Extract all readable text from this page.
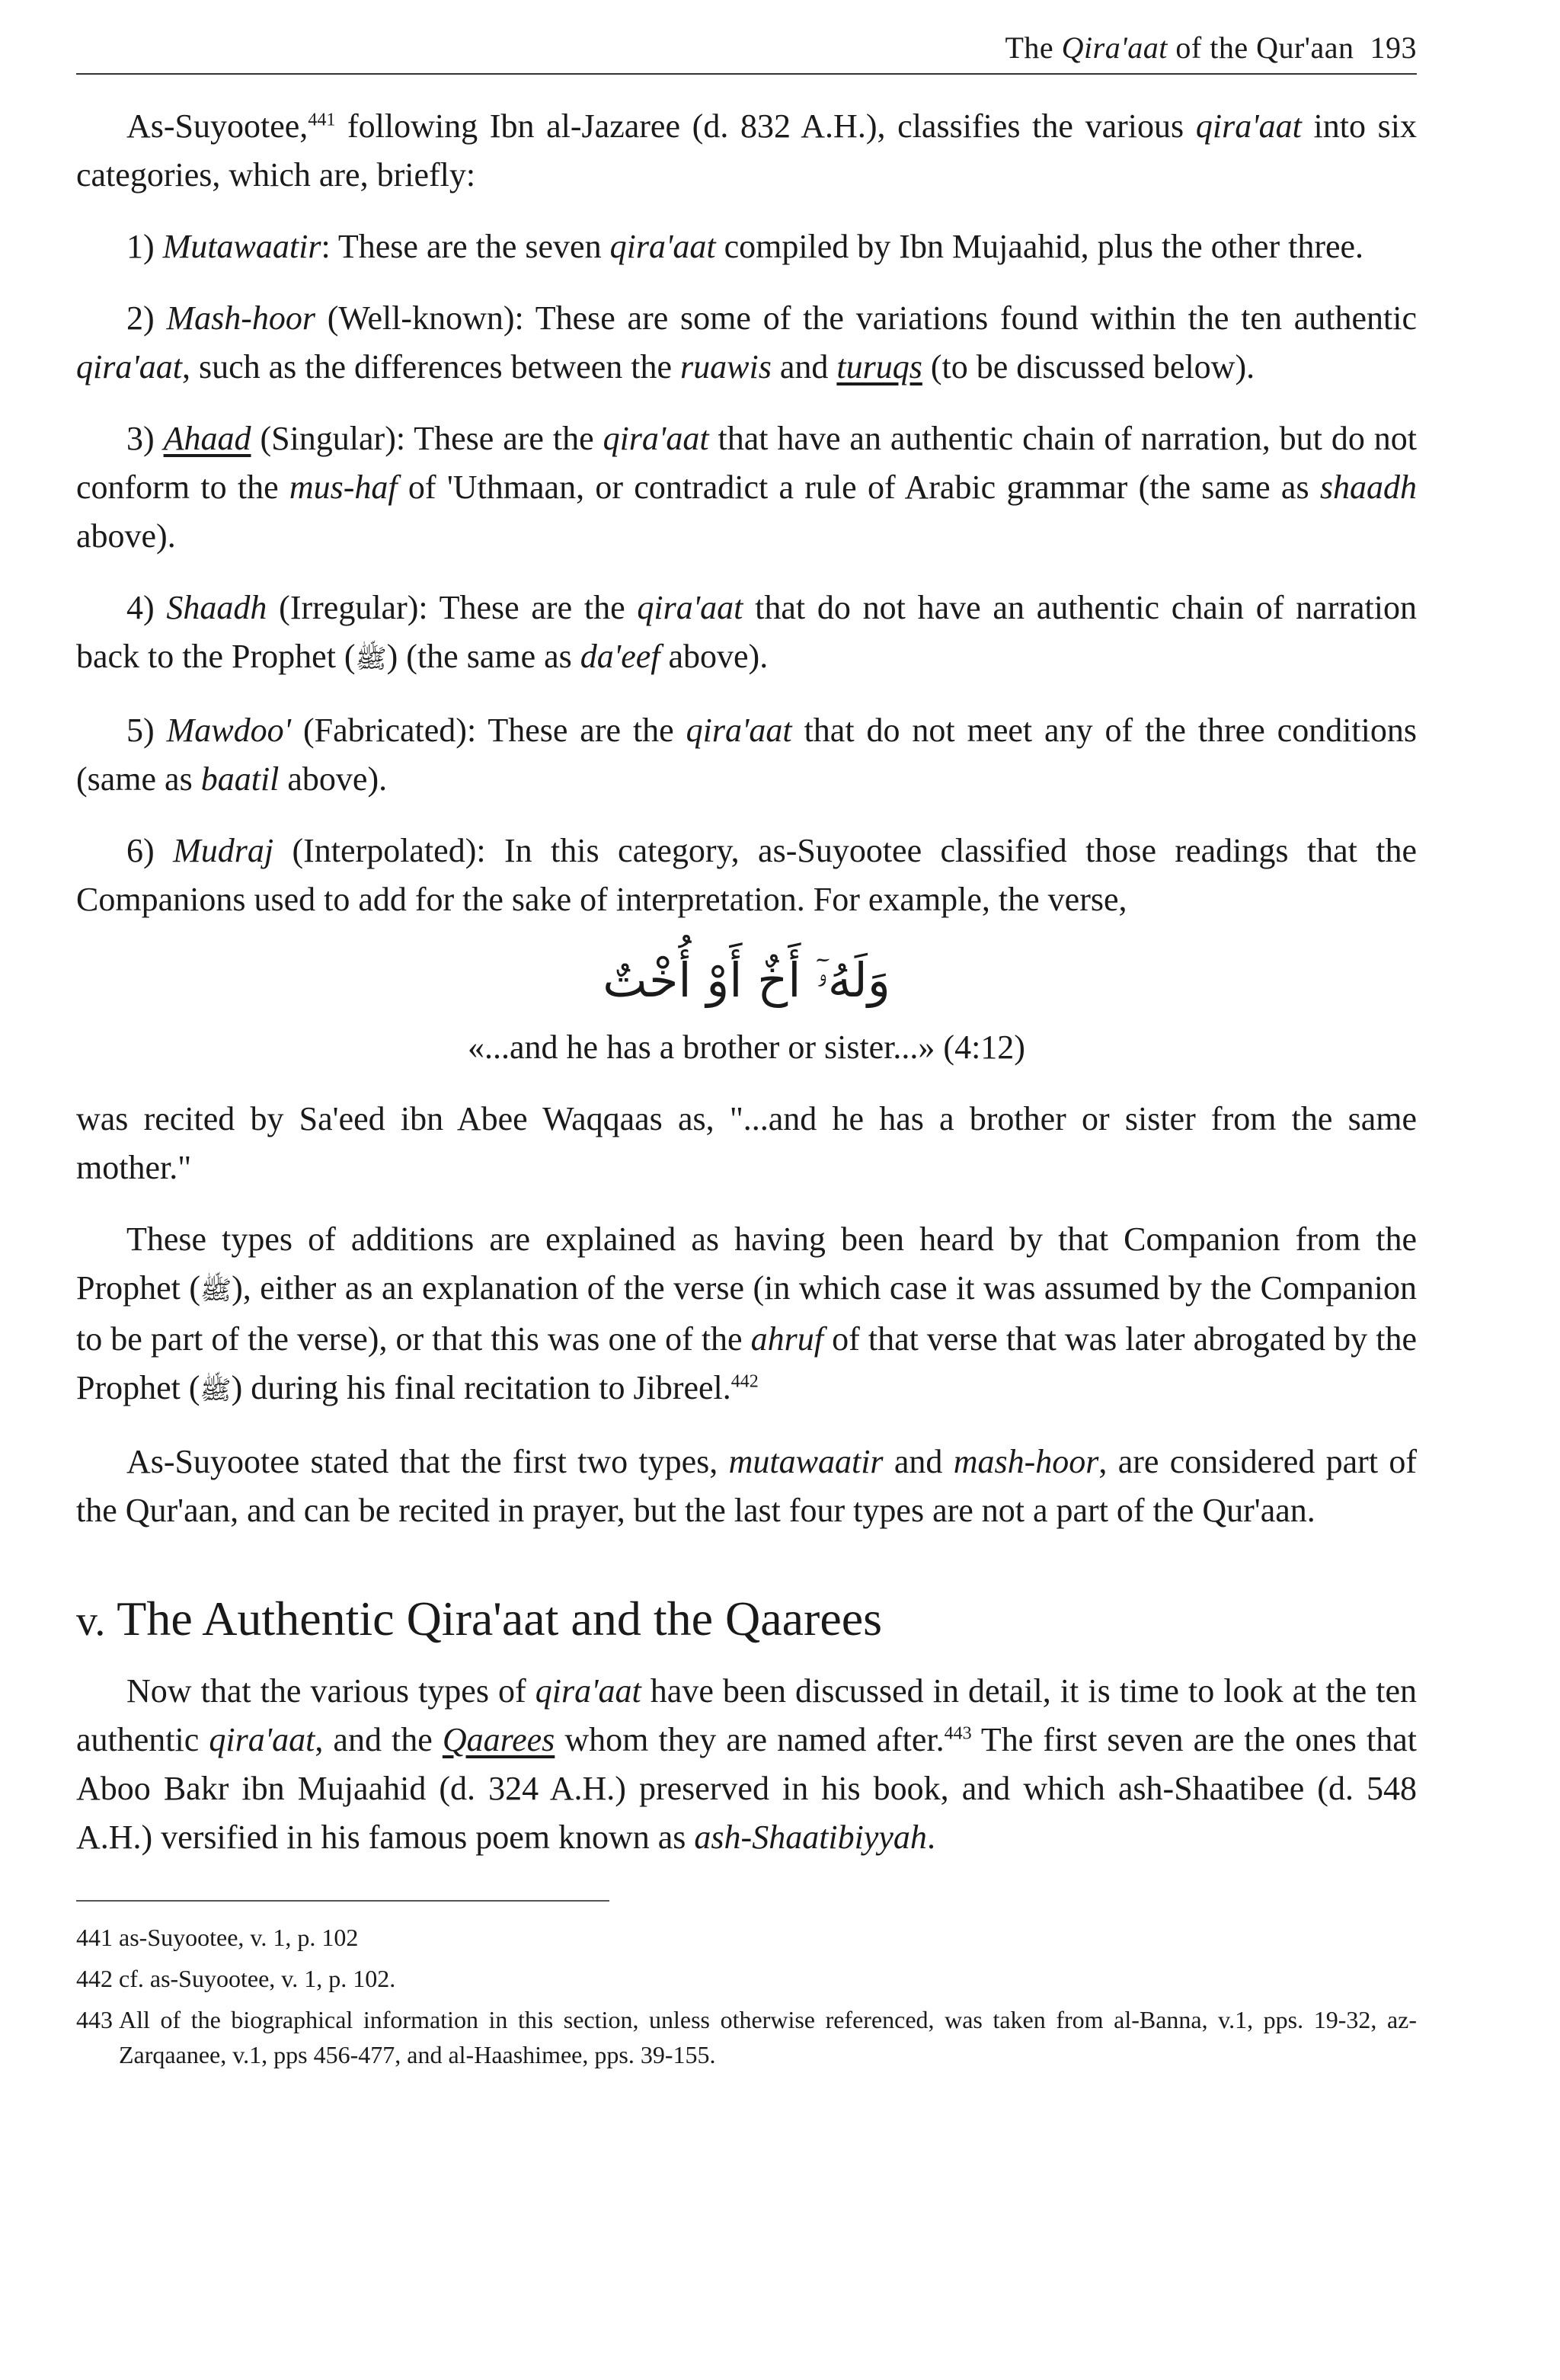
The Qira'aat of the Qur'aan 193

As-Suyootee,$^{441}$ following Ibn al-Jazaree (d. 832 A.H.), classifies the various qira'aat into six categories, which are, briefly:

1) Mutawaatir: These are the seven qira'aat compiled by Ibn Mujaahid, plus the other three.

2) Mash-hoor (Well-known): These are some of the variations found within the ten authentic qira'aat, such as the differences between the ruawis and turuqs (to be discussed below).

3) Ahaad (Singular): These are the qira'aat that have an authentic chain of narration, but do not conform to the mus-haf of 'Uthmaan, or contradict a rule of Arabic grammar (the same as shaadh above).

4) Shaadh (Irregular): These are the qira'aat that do not have an authentic chain of narration back to the Prophet (ﷺ) (the same as da'eef above).

5) Mawdoo' (Fabricated): These are the qira'aat that do not meet any of the three conditions (same as baatil above).

6) Mudraj (Interpolated): In this category, as-Suyootee classified those readings that the Companions used to add for the sake of interpretation. For example, the verse,

وَلَهُۥٓ أَخٌ أَوْ أُخْتٌ
«...and he has a brother or sister...» (4:12)

was recited by Sa'eed ibn Abee Waqqaas as, "...and he has a brother or sister from the same mother."

These types of additions are explained as having been heard by that Companion from the Prophet (ﷺ), either as an explanation of the verse (in which case it was assumed by the Companion to be part of the verse), or that this was one of the ahruf of that verse that was later abrogated by the Prophet (ﷺ) during his final recitation to Jibreel.$^{442}$

As-Suyootee stated that the first two types, mutawaatir and mash-hoor, are considered part of the Qur'aan, and can be recited in prayer, but the last four types are not a part of the Qur'aan.

v. The Authentic Qira'aat and the Qaarees

Now that the various types of qira'aat have been discussed in detail, it is time to look at the ten authentic qira'aat, and the Qaarees whom they are named after.$^{443}$ The first seven are the ones that Aboo Bakr ibn Mujaahid (d. 324 A.H.) preserved in his book, and which ash-Shaatibee (d. 548 A.H.) versified in his famous poem known as ash-Shaatibiyyah.

441 as-Suyootee, v. 1, p. 102

442 cf. as-Suyootee, v. 1, p. 102.

443 All of the biographical information in this section, unless otherwise referenced, was taken from al-Banna, v.1, pps. 19-32, az-Zarqaanee, v.1, pps 456-477, and al-Haashimee, pps. 39-155.
